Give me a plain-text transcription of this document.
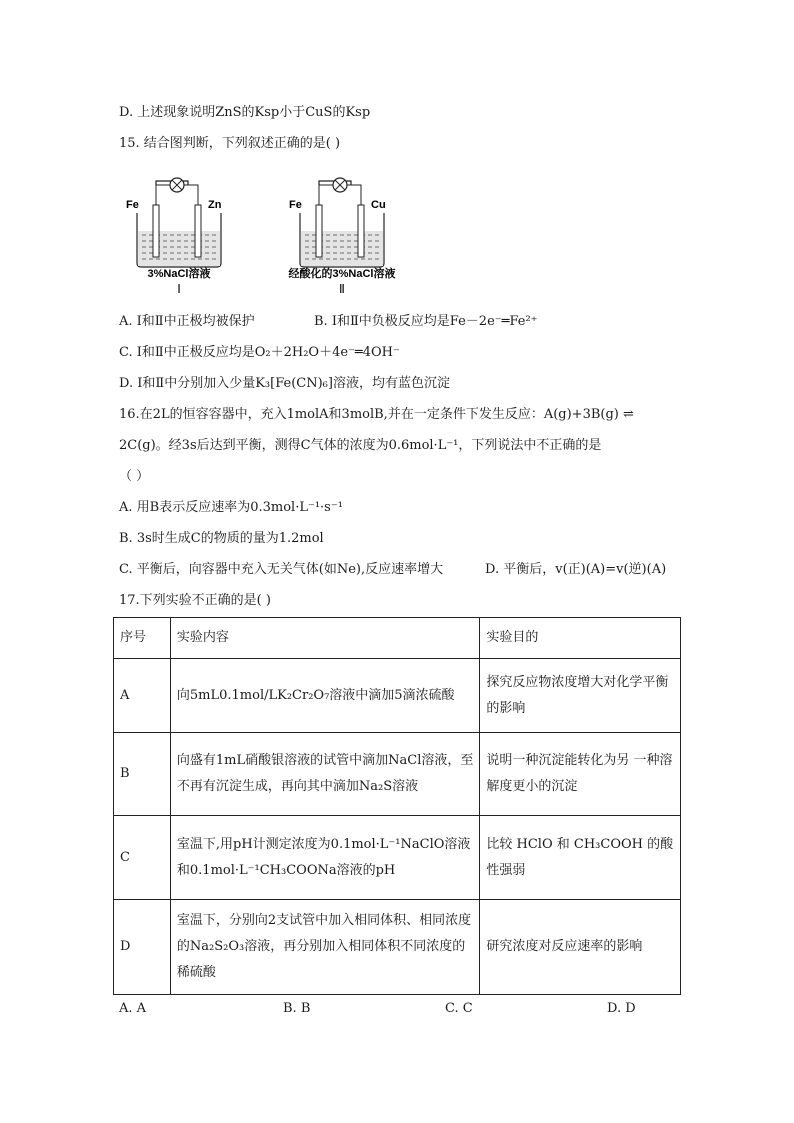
D. 上述现象说明ZnS的Ksp小于CuS的Ksp
15. 结合图判断，下列叙述正确的是( )
Fe	Zn
3%NaCl溶液
Ⅰ
Fe	Cu
经酸化的3%NaCl溶液
Ⅱ
A. Ⅰ和Ⅱ中正极均被保护	B. Ⅰ和Ⅱ中负极反应均是Fe－2e⁻═Fe²⁺
C. Ⅰ和Ⅱ中正极反应均是O₂＋2H₂O＋4e⁻═4OH⁻
D. Ⅰ和Ⅱ中分别加入少量K₃[Fe(CN)₆]溶液，均有蓝色沉淀
16.在2L的恒容容器中，充入1molA和3molB,并在一定条件下发生反应：A(g)+3B(g) ⇌
2C(g)。经3s后达到平衡，测得C气体的浓度为0.6mol·L⁻¹，下列说法中不正确的是
（ ）
A. 用B表示反应速率为0.3mol·L⁻¹·s⁻¹
B. 3s时生成C的物质的量为1.2mol
C. 平衡后，向容器中充入无关气体(如Ne),反应速率增大	D. 平衡后，v(正)(A)=v(逆)(A)
17.下列实验不正确的是( )
序号	实验内容	实验目的
A	向5mL0.1mol/LK₂Cr₂O₇溶液中滴加5滴浓硫酸	探究反应物浓度增大对化学平衡的影响
B	向盛有1mL硝酸银溶液的试管中滴加NaCl溶液，至不再有沉淀生成，再向其中滴加Na₂S溶液	说明一种沉淀能转化为另 一种溶解度更小的沉淀
C	室温下,用pH计测定浓度为0.1mol·L⁻¹NaClO溶液和0.1mol·L⁻¹CH₃COONa溶液的pH	比较 HClO 和 CH₃COOH 的酸性强弱
D	室温下，分别向2支试管中加入相同体积、相同浓度的Na₂S₂O₃溶液，再分别加入相同体积不同浓度的稀硫酸	研究浓度对反应速率的影响
A. A	B. B	C. C	D. D
